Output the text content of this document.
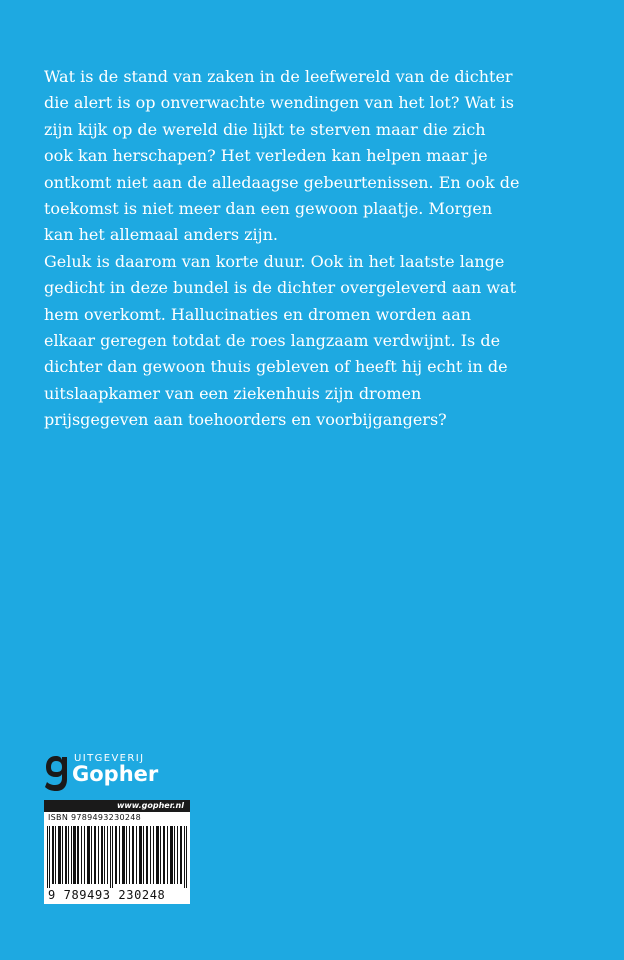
Wat is de stand van zaken in de leefwereld van de dichter
die alert is op onverwachte wendingen van het lot? Wat is
zijn kijk op de wereld die lijkt te sterven maar die zich
ook kan herschapen? Het verleden kan helpen maar je
ontkomt niet aan de alledaagse gebeurtenissen. En ook de
toekomst is niet meer dan een gewoon plaatje. Morgen
kan het allemaal anders zijn.
Geluk is daarom van korte duur. Ook in het laatste lange
gedicht in deze bundel is de dichter overgeleverd aan wat
hem overkomt. Hallucinaties en dromen worden aan
elkaar geregen totdat de roes langzaam verdwijnt. Is de
dichter dan gewoon thuis gebleven of heeft hij echt in de
uitslaapkamer van een ziekenhuis zijn dromen
prijsgegeven aan toehoorders en voorbijgangers?
UITGEVERIJ
Gopher
www.gopher.nl
ISBN 9789493230248
9 789493 230248
